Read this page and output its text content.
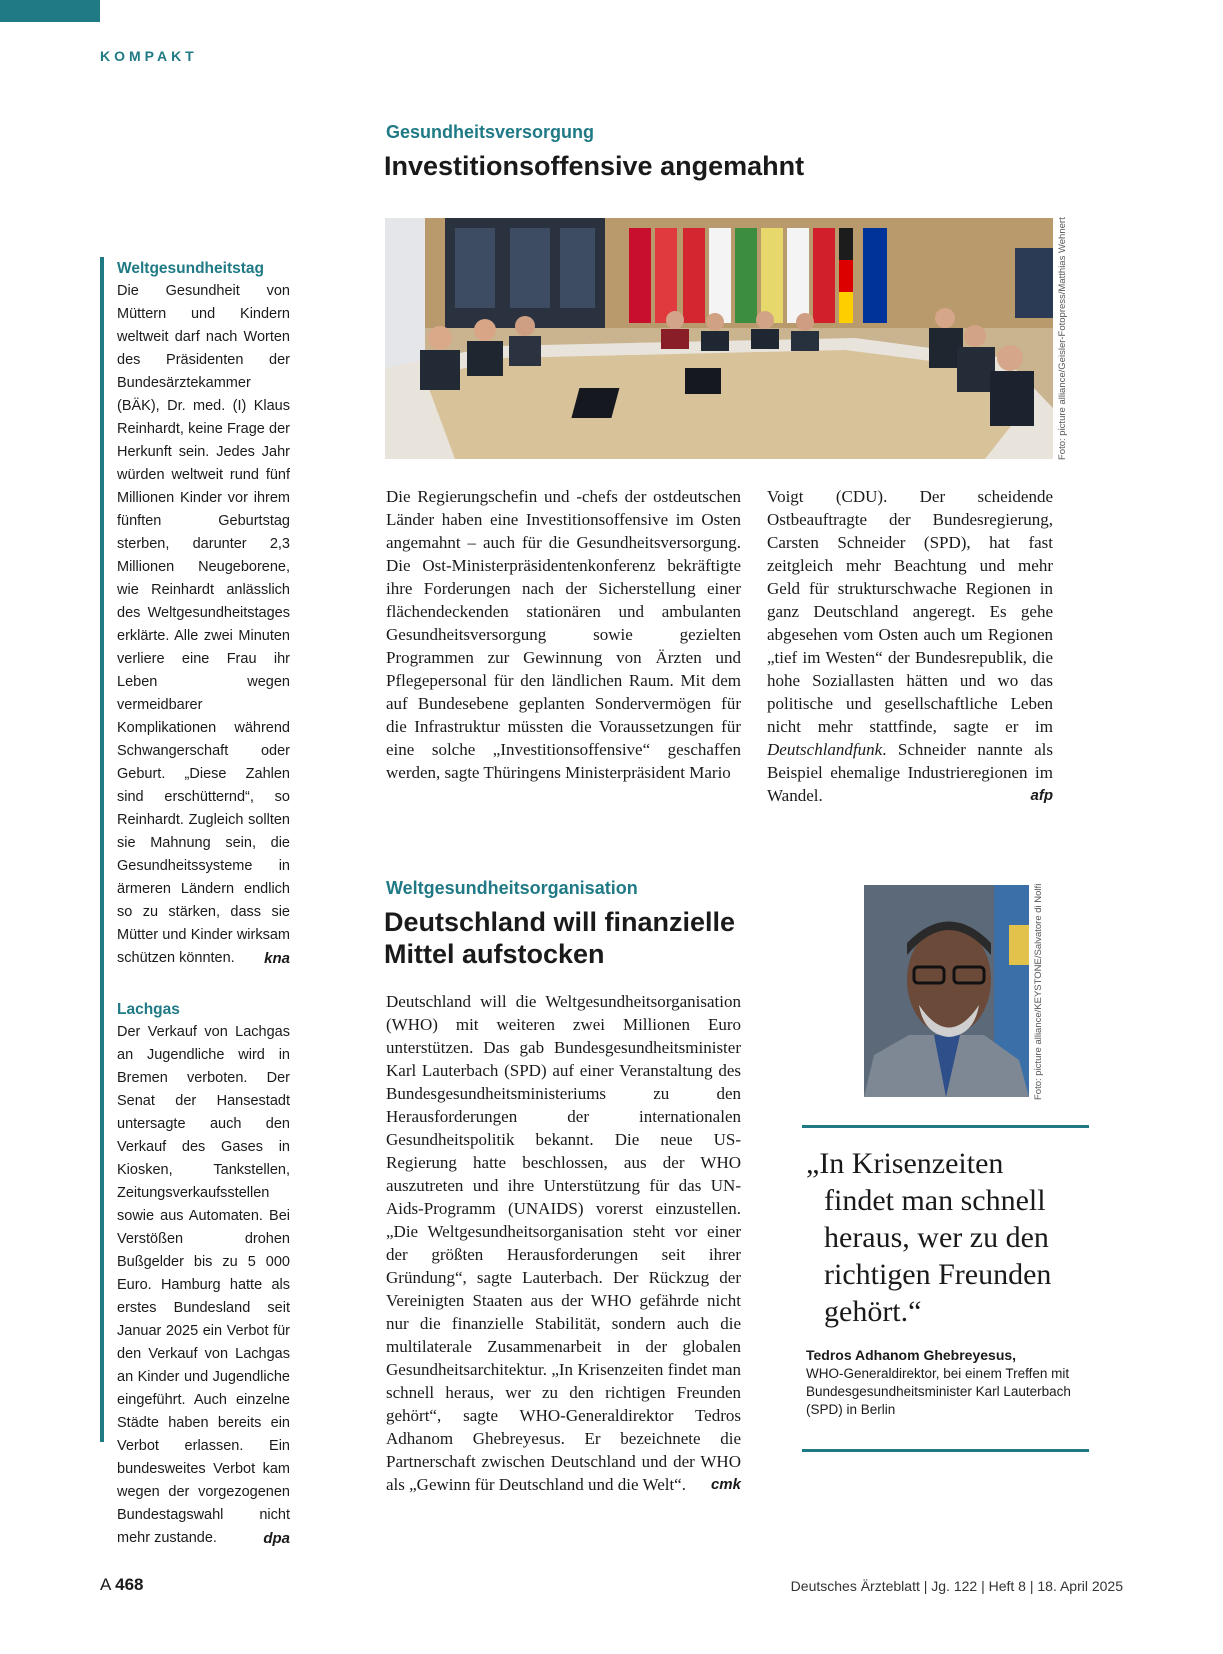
KOMPAKT
Gesundheitsversorgung
Investitionsoffensive angemahnt
Foto: picture alliance/Geisler-Fotopress/Matthias Wehnert
Die Regierungschefin und -chefs der ostdeutschen Länder haben eine Investitionsoffensive im Osten angemahnt – auch für die Gesundheitsversorgung. Die Ost-Ministerpräsidentenkonferenz bekräftigte ihre Forderungen nach der Sicherstellung einer flächendeckenden stationären und ambulanten Gesundheitsversorgung sowie gezielten Programmen zur Gewinnung von Ärzten und Pflegepersonal für den ländlichen Raum. Mit dem auf Bundesebene geplanten Sondervermögen für die Infrastruktur müssten die Voraussetzungen für eine solche „Investitionsoffensive“ geschaffen werden, sagte Thüringens Ministerpräsident Mario
Voigt (CDU). Der scheidende Ostbeauftragte der Bundesregierung, Carsten Schneider (SPD), hat fast zeitgleich mehr Beachtung und mehr Geld für strukturschwache Regionen in ganz Deutschland angeregt. Es gehe abgesehen vom Osten auch um Regionen „tief im Westen“ der Bundesrepublik, die hohe Soziallasten hätten und wo das politische und gesellschaftliche Leben nicht mehr stattfinde, sagte er im Deutschlandfunk. Schneider nannte als Beispiel ehemalige Industrieregionen im Wandel.	afp
Weltgesundheitstag

Die Gesundheit von Müttern und Kindern weltweit darf nach Worten des Präsidenten der Bundesärztekammer (BÄK), Dr. med. (I) Klaus Reinhardt, keine Frage der Herkunft sein. Jedes Jahr würden weltweit rund fünf Millionen Kinder vor ihrem fünften Geburtstag sterben, darunter 2,3 Millionen Neugeborene, wie Reinhardt anlässlich des Weltgesundheitstages erklärte. Alle zwei Minuten verliere eine Frau ihr Leben wegen vermeidbarer Komplikationen während Schwangerschaft oder Geburt. „Diese Zahlen sind erschütternd“, so Reinhardt. Zugleich sollten sie Mahnung sein, die Gesundheitssysteme in ärmeren Ländern endlich so zu stärken, dass sie Mütter und Kinder wirksam schützen könnten. kna

Lachgas

Der Verkauf von Lachgas an Jugendliche wird in Bremen verboten. Der Senat der Hansestadt untersagte auch den Verkauf des Gases in Kiosken, Tankstellen, Zeitungsverkaufsstellen sowie aus Automaten. Bei Verstößen drohen Bußgelder bis zu 5 000 Euro. Hamburg hatte als erstes Bundesland seit Januar 2025 ein Verbot für den Verkauf von Lachgas an Kinder und Jugendliche eingeführt. Auch einzelne Städte haben bereits ein Verbot erlassen. Ein bundesweites Verbot kam wegen der vorgezogenen Bundestagswahl nicht mehr zustande.	dpa

Weltgesundheitsorganisation
Deutschland will finanzielle
Mittel aufstocken
Deutschland will die Weltgesundheitsorganisation (WHO) mit weiteren zwei Millionen Euro unterstützen. Das gab Bundesgesundheitsminister Karl Lauterbach (SPD) auf einer Veranstaltung des Bundesgesundheitsministeriums zu den Herausforderungen der internationalen Gesundheitspolitik bekannt. Die neue US-Regierung hatte beschlossen, aus der WHO auszutreten und ihre Unterstützung für das UN-Aids-Programm (UNAIDS) vorerst einzustellen. „Die Weltgesundheitsorganisation steht vor einer der größten Herausforderungen seit ihrer Gründung“, sagte Lauterbach. Der Rückzug der Vereinigten Staaten aus der WHO gefährde nicht nur die finanzielle Stabilität, sondern auch die multilaterale Zusammenarbeit in der globalen Gesundheitsarchitektur. „In Krisenzeiten findet man schnell heraus, wer zu den richtigen Freunden gehört“, sagte WHO-Generaldirektor Tedros Adhanom Ghebreyesus. Er bezeichnete die Partnerschaft zwischen Deutschland und der WHO als „Gewinn für Deutschland und die Welt“. cmk
Foto: picture alliance/KEYSTONE/Salvatore di Nolfi
„In Krisenzeiten
findet man schnell
heraus, wer zu den
richtigen Freunden
gehört.“
Tedros Adhanom Ghebreyesus,
WHO-Generaldirektor, bei einem Treffen mit Bundesgesundheitsminister Karl Lauterbach (SPD) in Berlin
A 468	Deutsches Ärzteblatt | Jg. 122 | Heft 8 | 18. April 2025
